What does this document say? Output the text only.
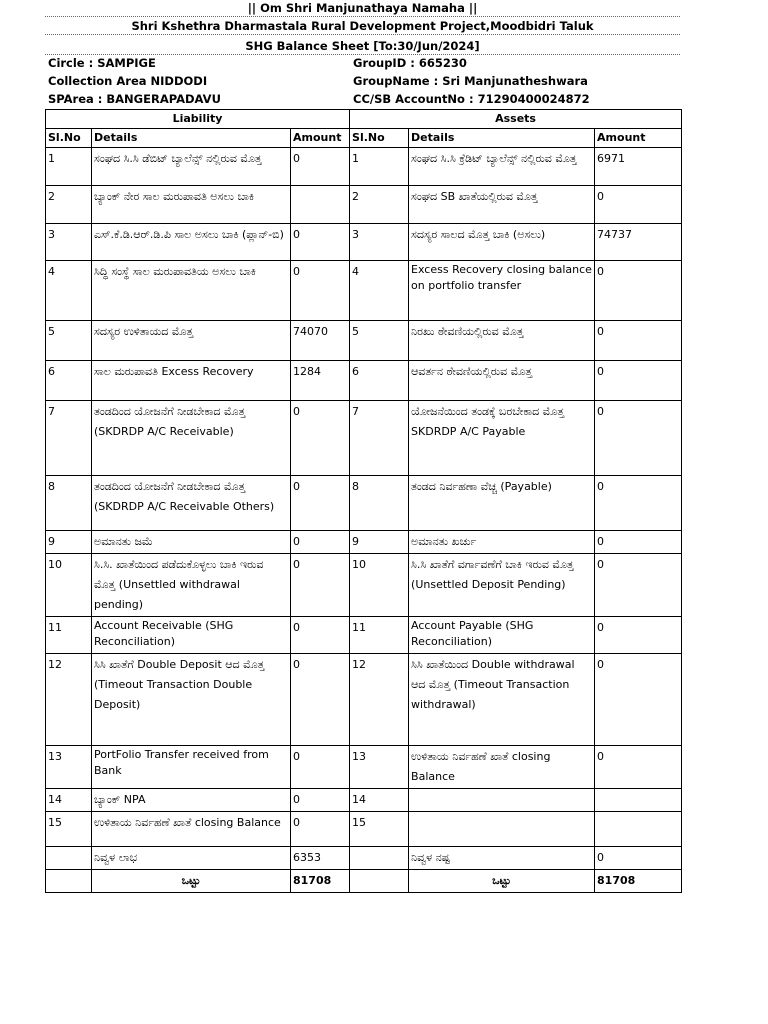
|| Om Shri Manjunathaya Namaha ||
Shri Kshethra Dharmastala Rural Development Project,Moodbidri Taluk
SHG Balance Sheet [To:30/Jun/2024]
Circle : SAMPIGE	GroupID : 665230
Collection Area NIDDODI	GroupName : Sri Manjunatheshwara
SPArea : BANGERAPADAVU	CC/SB AccountNo : 71290400024872
Liability			Assets		
Sl.No	Details	Amount	Sl.No	Details	Amount
1	ಸಂಘದ ಸಿ.ಸಿ ಡೆಬಿಟ್ ಬ್ಯಾಲೆನ್ಸ್ ನಲ್ಲಿರುವ ಮೊತ್ತ	0	1	ಸಂಘದ ಸಿ.ಸಿ ಕ್ರೆಡಿಟ್ ಬ್ಯಾಲೆನ್ಸ್ ನಲ್ಲಿರುವ ಮೊತ್ತ	6971
2	ಬ್ಯಾಂಕ್ ನೇರ ಸಾಲ ಮರುಪಾವತಿ ಅಸಲು ಬಾಕಿ		2	ಸಂಘದ SB ಖಾತೆಯಲ್ಲಿರುವ ಮೊತ್ತ	0
3	ಎಸ್.ಕೆ.ಡಿ.ಆರ್.ಡಿ.ಪಿ ಸಾಲ ಅಸಲು ಬಾಕಿ (ಪ್ಲಾನ್-ಬಿ)	0	3	ಸದಸ್ಯರ ಸಾಲದ ಮೊತ್ತ ಬಾಕಿ (ಅಸಲು)	74737
4	ಸಿದ್ಧಿ ಸಂಸ್ಥೆ ಸಾಲ ಮರುಪಾವತಿಯ ಅಸಲು ಬಾಕಿ	0	4	Excess Recovery closing balance on portfolio transfer	0
5	ಸದಸ್ಯರ ಉಳಿತಾಯದ ಮೊತ್ತ	74070	5	ನಿರಖು ಠೇವಣಿಯಲ್ಲಿರುವ ಮೊತ್ತ	0
6	ಸಾಲ ಮರುಪಾವತಿ Excess Recovery	1284	6	ಆವರ್ತನ ಠೇವಣಿಯಲ್ಲಿರುವ ಮೊತ್ತ	0
7	ತಂಡದಿಂದ ಯೋಜನೆಗೆ ನೀಡಬೇಕಾದ ಮೊತ್ತ (SKDRDP A/C Receivable)	0	7	ಯೋಜನೆಯಿಂದ ತಂಡಕ್ಕೆ ಬರಬೇಕಾದ ಮೊತ್ತ SKDRDP A/C Payable	0
8	ತಂಡದಿಂದ ಯೋಜನೆಗೆ ನೀಡಬೇಕಾದ ಮೊತ್ತ (SKDRDP A/C Receivable Others)	0	8	ತಂಡದ ನಿರ್ವಹಣಾ ವೆಚ್ಚ (Payable)	0
9	ಅಮಾನತು ಜಮೆ	0	9	ಅಮಾನತು ಖರ್ಚು	0
10	ಸಿ.ಸಿ. ಖಾತೆಯಿಂದ ಪಡೆದುಕೊಳ್ಳಲು ಬಾಕಿ ಇರುವ ಮೊತ್ತ (Unsettled withdrawal pending)	0	10	ಸಿ.ಸಿ ಖಾತೆಗೆ ವರ್ಗಾವಣೆಗೆ ಬಾಕಿ ಇರುವ ಮೊತ್ತ (Unsettled Deposit Pending)	0
11	Account Receivable (SHG Reconciliation)	0	11	Account Payable (SHG Reconciliation)	0
12	ಸಿಸಿ ಖಾತೆಗೆ Double Deposit ಆದ ಮೊತ್ತ (Timeout Transaction Double Deposit)	0	12	ಸಿಸಿ ಖಾತೆಯಿಂದ Double withdrawal ಆದ ಮೊತ್ತ (Timeout Transaction withdrawal)	0
13	PortFolio Transfer received from Bank	0	13	ಉಳಿತಾಯ ನಿರ್ವಹಣೆ ಖಾತೆ closing Balance	0
14	ಬ್ಯಾಂಕ್ NPA	0	14		
15	ಉಳಿತಾಯ ನಿರ್ವಹಣೆ ಖಾತೆ closing Balance	0	15		
	ನಿವ್ವಳ ಲಾಭ	6353		ನಿವ್ವಳ ನಷ್ಟ	0
	ಒಟ್ಟು	81708		ಒಟ್ಟು	81708
